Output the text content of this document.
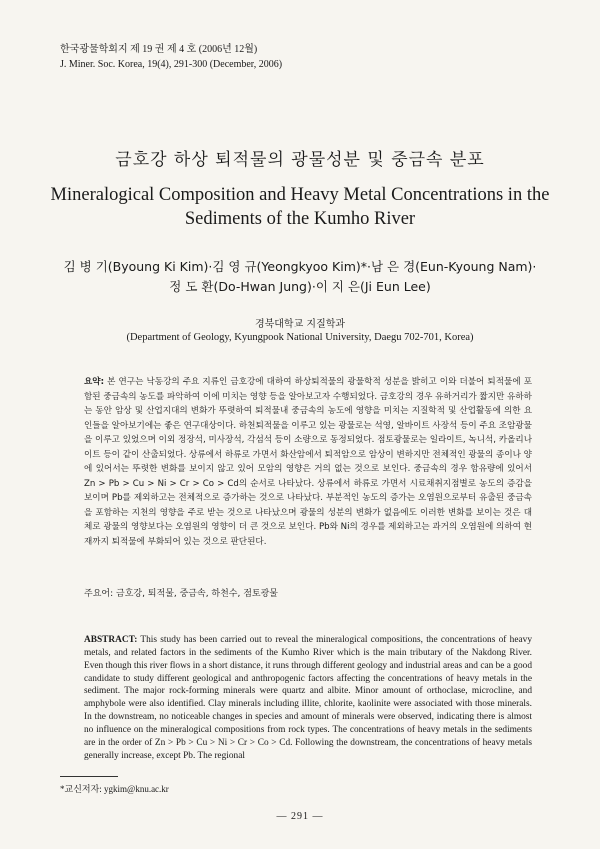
한국광물학회지 제 19 권 제 4 호 (2006년 12월)
J. Miner. Soc. Korea, 19(4), 291-300 (December, 2006)
금호강 하상 퇴적물의 광물성분 및 중금속 분포
Mineralogical Composition and Heavy Metal Concentrations in the
Sediments of the Kumho River
김 병 기(Byoung Ki Kim)·김 영 규(Yeongkyoo Kim)*·남 은 경(Eun-Kyoung Nam)·
정 도 환(Do-Hwan Jung)·이 지 은(Ji Eun Lee)
경북대학교 지질학과
(Department of Geology, Kyungpook National University, Daegu 702-701, Korea)
요약: 본 연구는 낙동강의 주요 지류인 금호강에 대하여 하상퇴적물의 광물학적 성분을 밝히고 이와 더불어 퇴적물에 포함된 중금속의 농도를 파악하여 이에 미치는 영향 등을 알아보고자 수행되었다. 금호강의 경우 유하거리가 짧지만 유하하는 동안 암상 및 산업지대의 변화가 뚜렷하여 퇴적물내 중금속의 농도에 영향을 미치는 지질학적 및 산업활동에 의한 요인들을 알아보기에는 좋은 연구대상이다. 하천퇴적물을 이루고 있는 광물로는 석영, 알바이트 사장석 등이 주요 조암광물을 이루고 있었으며 이외 정장석, 미사장석, 각섬석 등이 소량으로 동정되었다. 점토광물로는 일라이트, 녹니석, 카올리나이트 등이 같이 산출되었다. 상류에서 하류로 가면서 화산암에서 퇴적암으로 암상이 변하지만 전체적인 광물의 종이나 양에 있어서는 뚜렷한 변화를 보이지 않고 있어 모암의 영향은 거의 없는 것으로 보인다. 중금속의 경우 함유량에 있어서 Zn > Pb > Cu > Ni > Cr > Co > Cd의 순서로 나타났다. 상류에서 하류로 가면서 시료채취지점별로 농도의 증감을 보이며 Pb를 제외하고는 전체적으로 증가하는 것으로 나타났다. 부분적인 농도의 증가는 오염원으로부터 유출된 중금속을 포함하는 지천의 영향을 주로 받는 것으로 나타났으며 광물의 성분의 변화가 없음에도 이러한 변화를 보이는 것은 대체로 광물의 영향보다는 오염원의 영향이 더 큰 것으로 보인다. Pb와 Ni의 경우를 제외하고는 과거의 오염원에 의하여 현재까지 퇴적물에 부화되어 있는 것으로 판단된다.
주요어: 금호강, 퇴적물, 중금속, 하천수, 점토광물
ABSTRACT: This study has been carried out to reveal the mineralogical compositions, the concentrations of heavy metals, and related factors in the sediments of the Kumho River which is the main tributary of the Nakdong River. Even though this river flows in a short distance, it runs through different geology and industrial areas and can be a good candidate to study different geological and anthropogenic factors affecting the concentrations of heavy metals in the sediment. The major rock-forming minerals were quartz and albite. Minor amount of orthoclase, microcline, and amphybole were also identified. Clay minerals including illite, chlorite, kaolinite were associated with those minerals. In the downstream, no noticeable changes in species and amount of minerals were observed, indicating there is almost no influence on the mineralogical compositions from rock types. The concentrations of heavy metals in the sediments are in the order of Zn > Pb > Cu > Ni > Cr > Co > Cd. Following the downstream, the concentrations of heavy metals generally increase, except Pb. The regional
*교신저자: ygkim@knu.ac.kr
— 291 —
